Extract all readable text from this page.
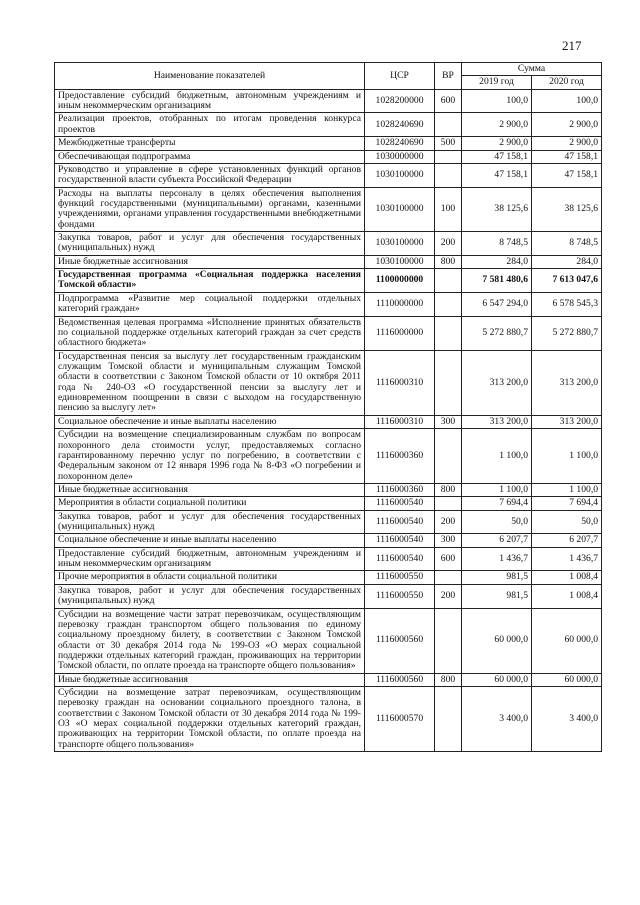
217
Наименование показателей	ЦСР	ВР	Сумма	
			2019 год	2020 год
Предоставление субсидий бюджетным, автономным учреждениям и иным некоммерческим организациям	1028200000	600	100,0	100,0
Реализация проектов, отобранных по итогам проведения конкурса проектов	1028240690		2 900,0	2 900,0
Межбюджетные трансферты	1028240690	500	2 900,0	2 900,0
Обеспечивающая подпрограмма	1030000000		47 158,1	47 158,1
Руководство и управление в сфере установленных функций органов государственной власти субъекта Российской Федерации	1030100000		47 158,1	47 158,1
Расходы на выплаты персоналу в целях обеспечения выполнения функций государственными (муниципальными) органами, казенными учреждениями, органами управления государственными внебюджетными фондами	1030100000	100	38 125,6	38 125,6
Закупка товаров, работ и услуг для обеспечения государственных (муниципальных) нужд	1030100000	200	8 748,5	8 748,5
Иные бюджетные ассигнования	1030100000	800	284,0	284,0
Государственная программа «Социальная поддержка населения Томской области»	1100000000		7 581 480,6	7 613 047,6
Подпрограмма «Развитие мер социальной поддержки отдельных категорий граждан»	1110000000		6 547 294,0	6 578 545,3
Ведомственная целевая программа «Исполнение принятых обязательств по социальной поддержке отдельных категорий граждан за счет средств областного бюджета»	1116000000		5 272 880,7	5 272 880,7
Государственная пенсия за выслугу лет государственным гражданским служащим Томской области и муниципальным служащим Томской области в соответствии с Законом Томской области от 10 октября 2011 года № 240-ОЗ «О государственной пенсии за выслугу лет и единовременном поощрении в связи с выходом на государственную пенсию за выслугу лет»	1116000310		313 200,0	313 200,0
Социальное обеспечение и иные выплаты населению	1116000310	300	313 200,0	313 200,0
Субсидии на возмещение специализированным службам по вопросам похоронного дела стоимости услуг, предоставляемых согласно гарантированному перечню услуг по погребению, в соответствии с Федеральным законом от 12 января 1996 года № 8-ФЗ «О погребении и похоронном деле»	1116000360		1 100,0	1 100,0
Иные бюджетные ассигнования	1116000360	800	1 100,0	1 100,0
Мероприятия в области социальной политики	1116000540		7 694,4	7 694,4
Закупка товаров, работ и услуг для обеспечения государственных (муниципальных) нужд	1116000540	200	50,0	50,0
Социальное обеспечение и иные выплаты населению	1116000540	300	6 207,7	6 207,7
Предоставление субсидий бюджетным, автономным учреждениям и иным некоммерческим организациям	1116000540	600	1 436,7	1 436,7
Прочие мероприятия в области социальной политики	1116000550		981,5	1 008,4
Закупка товаров, работ и услуг для обеспечения государственных (муниципальных) нужд	1116000550	200	981,5	1 008,4
Субсидии на возмещение части затрат перевозчикам, осуществляющим перевозку граждан транспортом общего пользования по единому социальному проездному билету, в соответствии с Законом Томской области от 30 декабря 2014 года № 199-ОЗ «О мерах социальной поддержки отдельных категорий граждан, проживающих на территории Томской области, по оплате проезда на транспорте общего пользования»	1116000560		60 000,0	60 000,0
Иные бюджетные ассигнования	1116000560	800	60 000,0	60 000,0
Субсидии на возмещение затрат перевозчикам, осуществляющим перевозку граждан на основании социального проездного талона, в соответствии с Законом Томской области от 30 декабря 2014 года № 199-ОЗ «О мерах социальной поддержки отдельных категорий граждан, проживающих на территории Томской области, по оплате проезда на транспорте общего пользования»	1116000570		3 400,0	3 400,0
